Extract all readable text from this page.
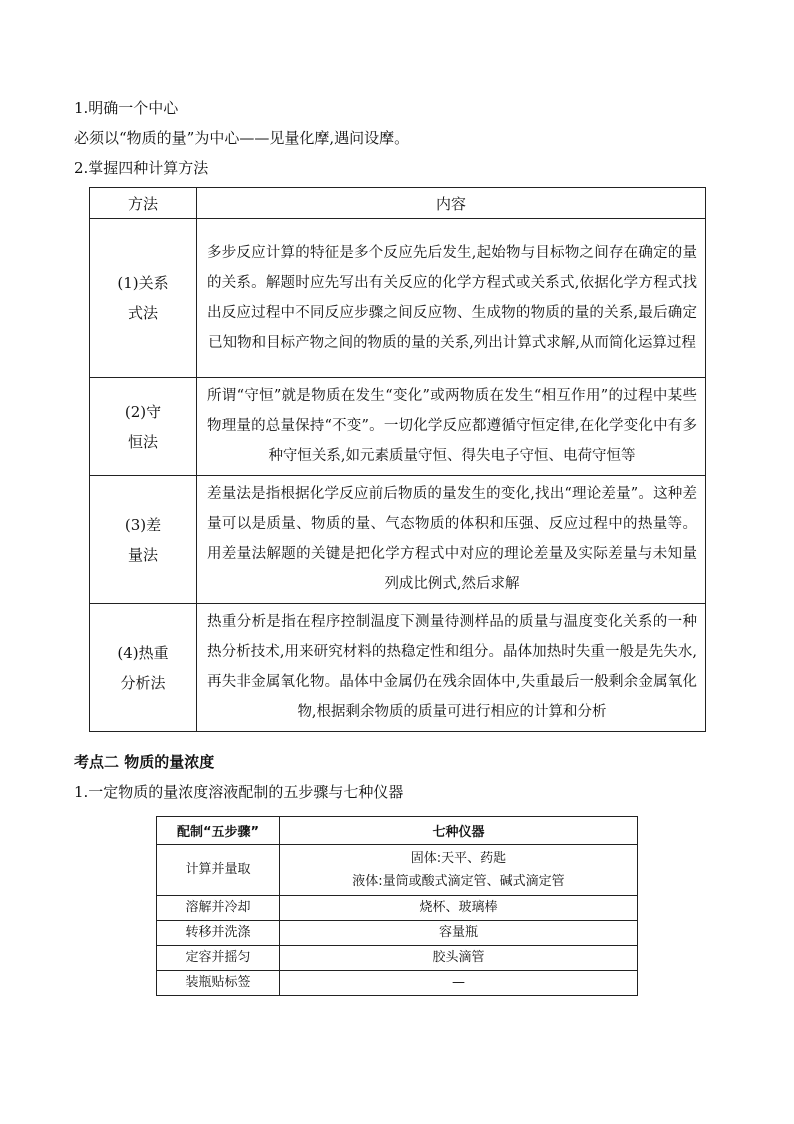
1.明确一个中心
必须以“物质的量”为中心——见量化摩,遇问设摩。
2.掌握四种计算方法
方法	内容

(1)关系
式法	多步反应计算的特征是多个反应先后发生,起始物与目标物之间存在确定的量的关系。解题时应先写出有关反应的化学方程式或关系式,依据化学方程式找出反应过程中不同反应步骤之间反应物、生成物的物质的量的关系,最后确定已知物和目标产物之间的物质的量的关系,列出计算式求解,从而简化运算过程

(2)守
恒法	所谓“守恒”就是物质在发生“变化”或两物质在发生“相互作用”的过程中某些物理量的总量保持“不变”。一切化学反应都遵循守恒定律,在化学变化中有多种守恒关系,如元素质量守恒、得失电子守恒、电荷守恒等

(3)差
量法	差量法是指根据化学反应前后物质的量发生的变化,找出“理论差量”。这种差量可以是质量、物质的量、气态物质的体积和压强、反应过程中的热量等。用差量法解题的关键是把化学方程式中对应的理论差量及实际差量与未知量列成比例式,然后求解

(4)热重
分析法	热重分析是指在程序控制温度下测量待测样品的质量与温度变化关系的一种热分析技术,用来研究材料的热稳定性和组分。晶体加热时失重一般是先失水,再失非金属氧化物。晶体中金属仍在残余固体中,失重最后一般剩余金属氧化物,根据剩余物质的质量可进行相应的计算和分析
考点二 物质的量浓度
1.一定物质的量浓度溶液配制的五步骤与七种仪器
配制“五步骤”	七种仪器
计算并量取	固体:天平、药匙
液体:量筒或酸式滴定管、碱式滴定管

溶解并冷却	烧杯、玻璃棒
转移并洗涤	容量瓶
定容并摇匀	胶头滴管
装瓶贴标签	—
